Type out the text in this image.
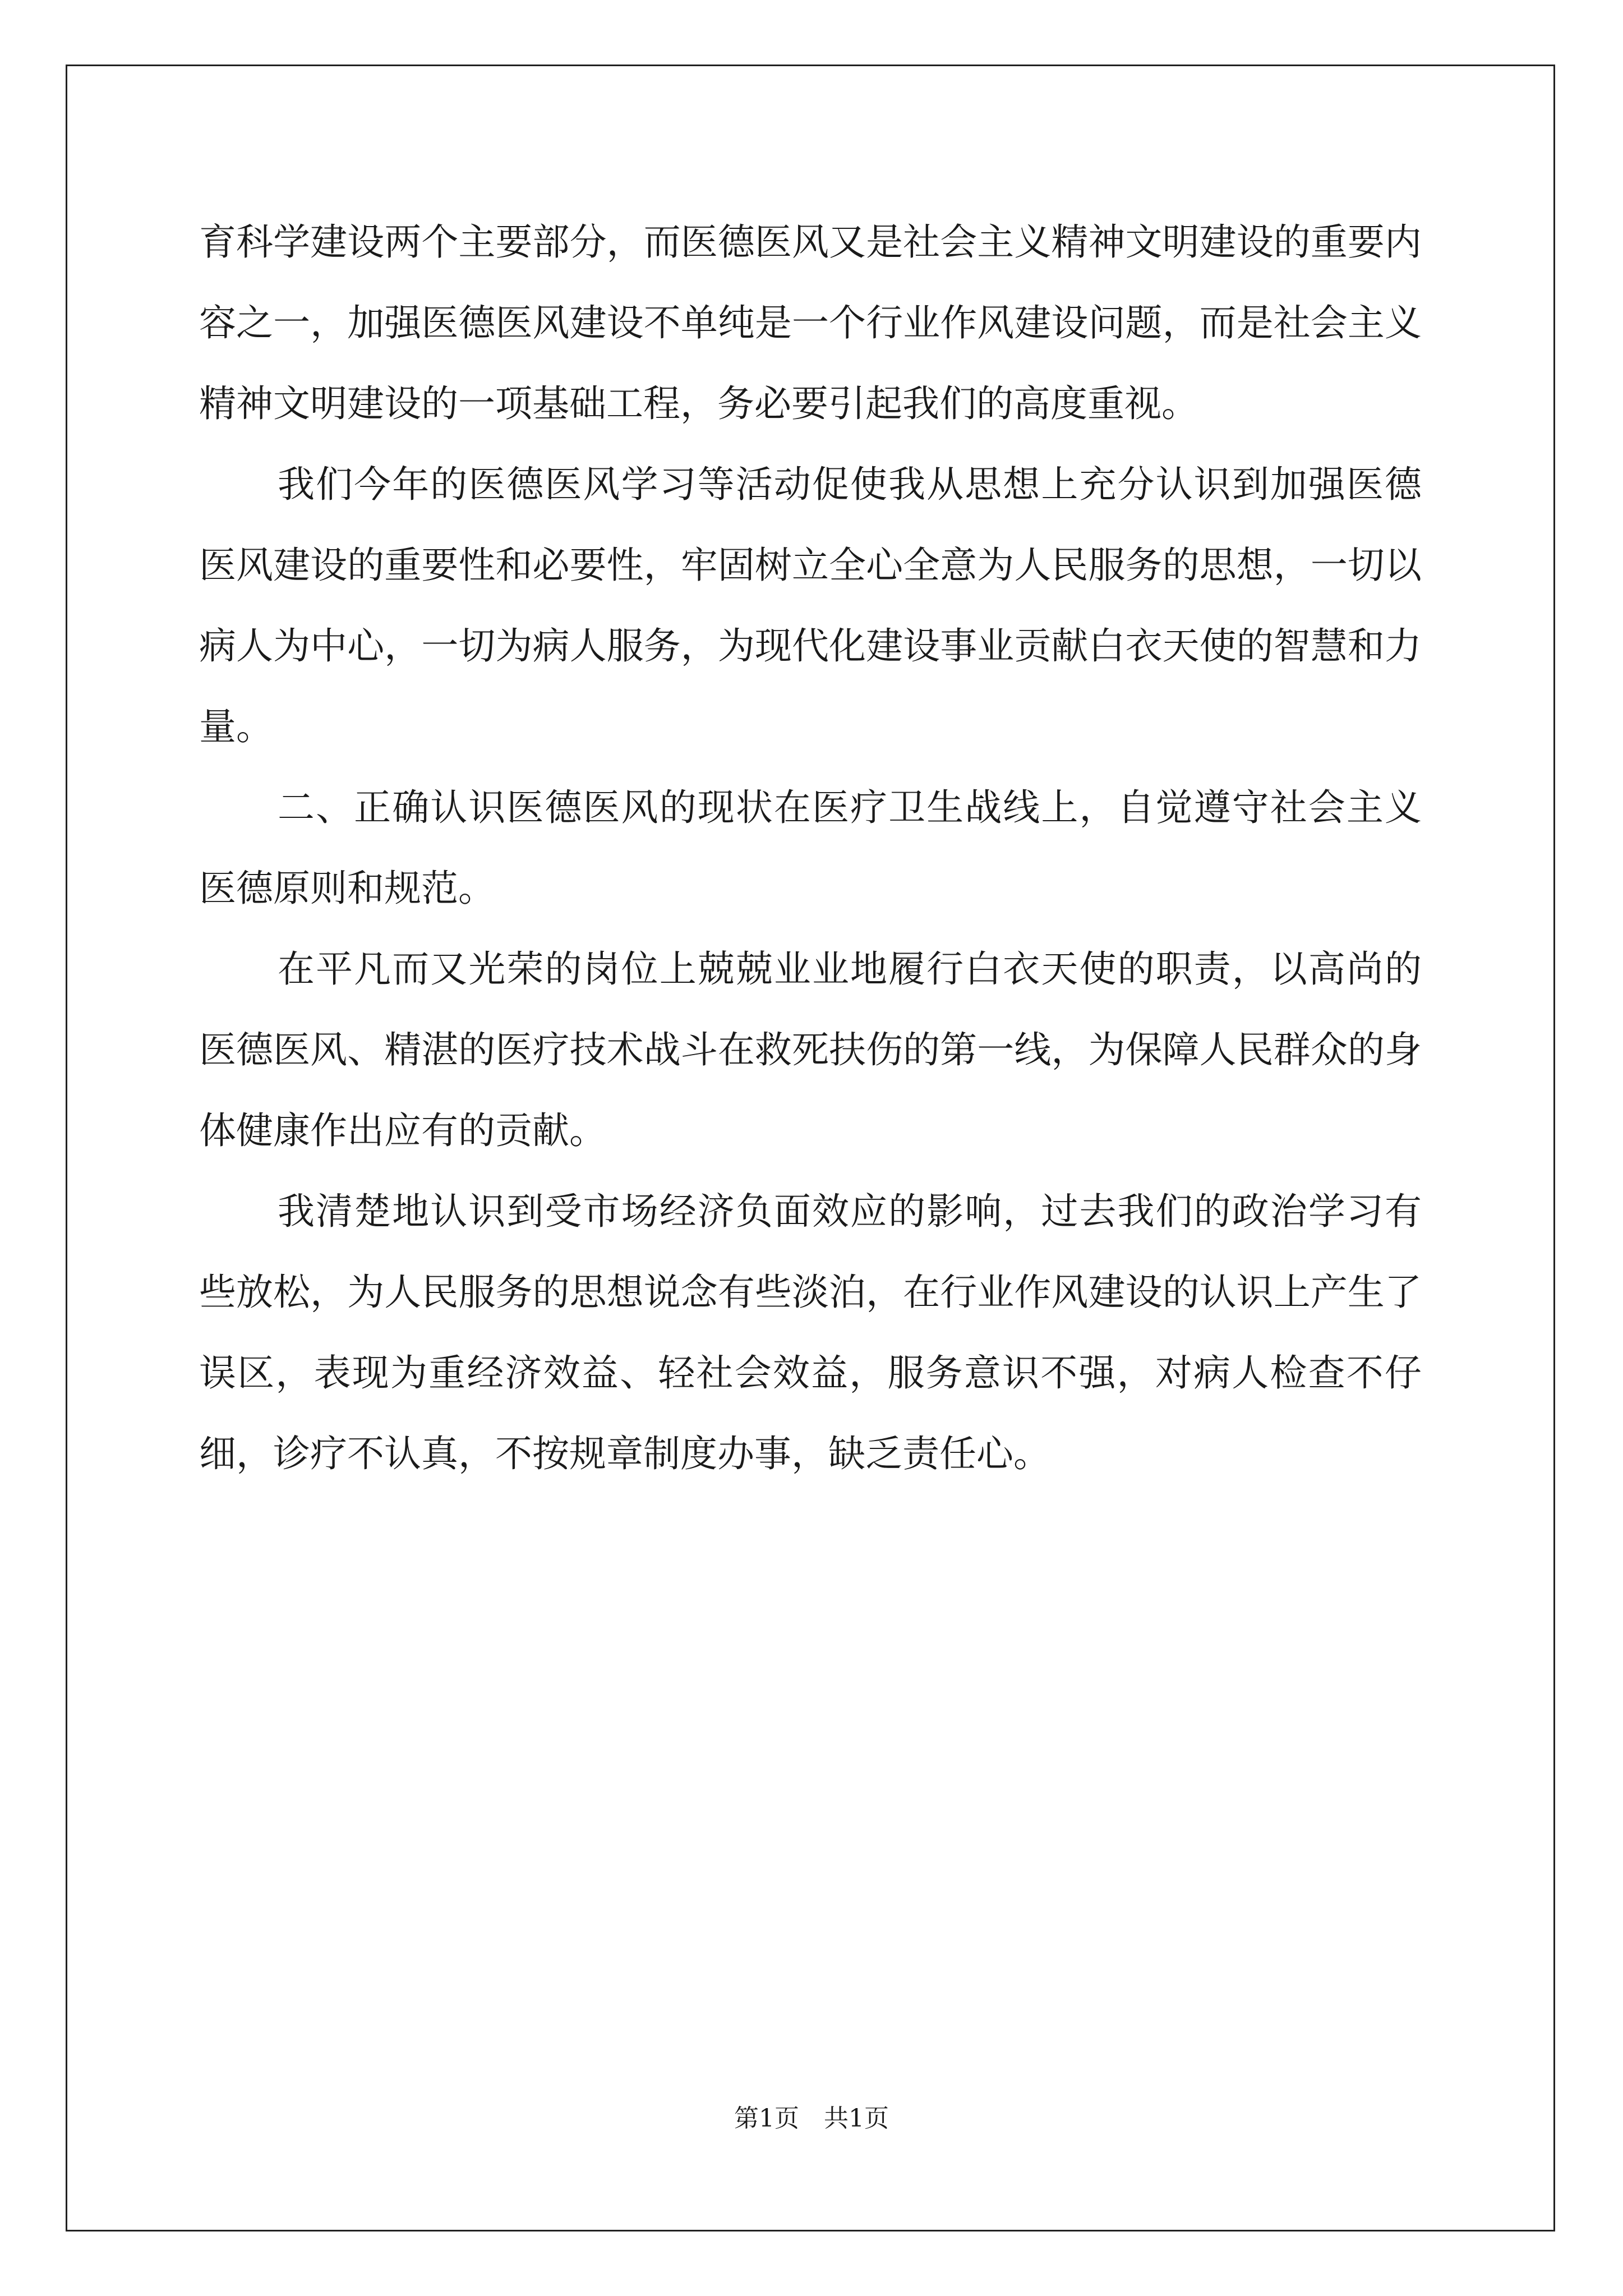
育科学建设两个主要部分，而医德医风又是社会主义精神文明建设的重要内容之一，加强医德医风建设不单纯是一个行业作风建设问题，而是社会主义精神文明建设的一项基础工程，务必要引起我们的高度重视。

我们今年的医德医风学习等活动促使我从思想上充分认识到加强医德医风建设的重要性和必要性，牢固树立全心全意为人民服务的思想，一切以病人为中心，一切为病人服务，为现代化建设事业贡献白衣天使的智慧和力量。

二、正确认识医德医风的现状在医疗卫生战线上，自觉遵守社会主义医德原则和规范。

在平凡而又光荣的岗位上兢兢业业地履行白衣天使的职责，以高尚的医德医风、精湛的医疗技术战斗在救死扶伤的第一线，为保障人民群众的身体健康作出应有的贡献。

我清楚地认识到受市场经济负面效应的影响，过去我们的政治学习有些放松，为人民服务的思想说念有些淡泊，在行业作风建设的认识上产生了误区，表现为重经济效益、轻社会效益，服务意识不强，对病人检查不仔细，诊疗不认真，不按规章制度办事，缺乏责任心。

第1页　共1页
